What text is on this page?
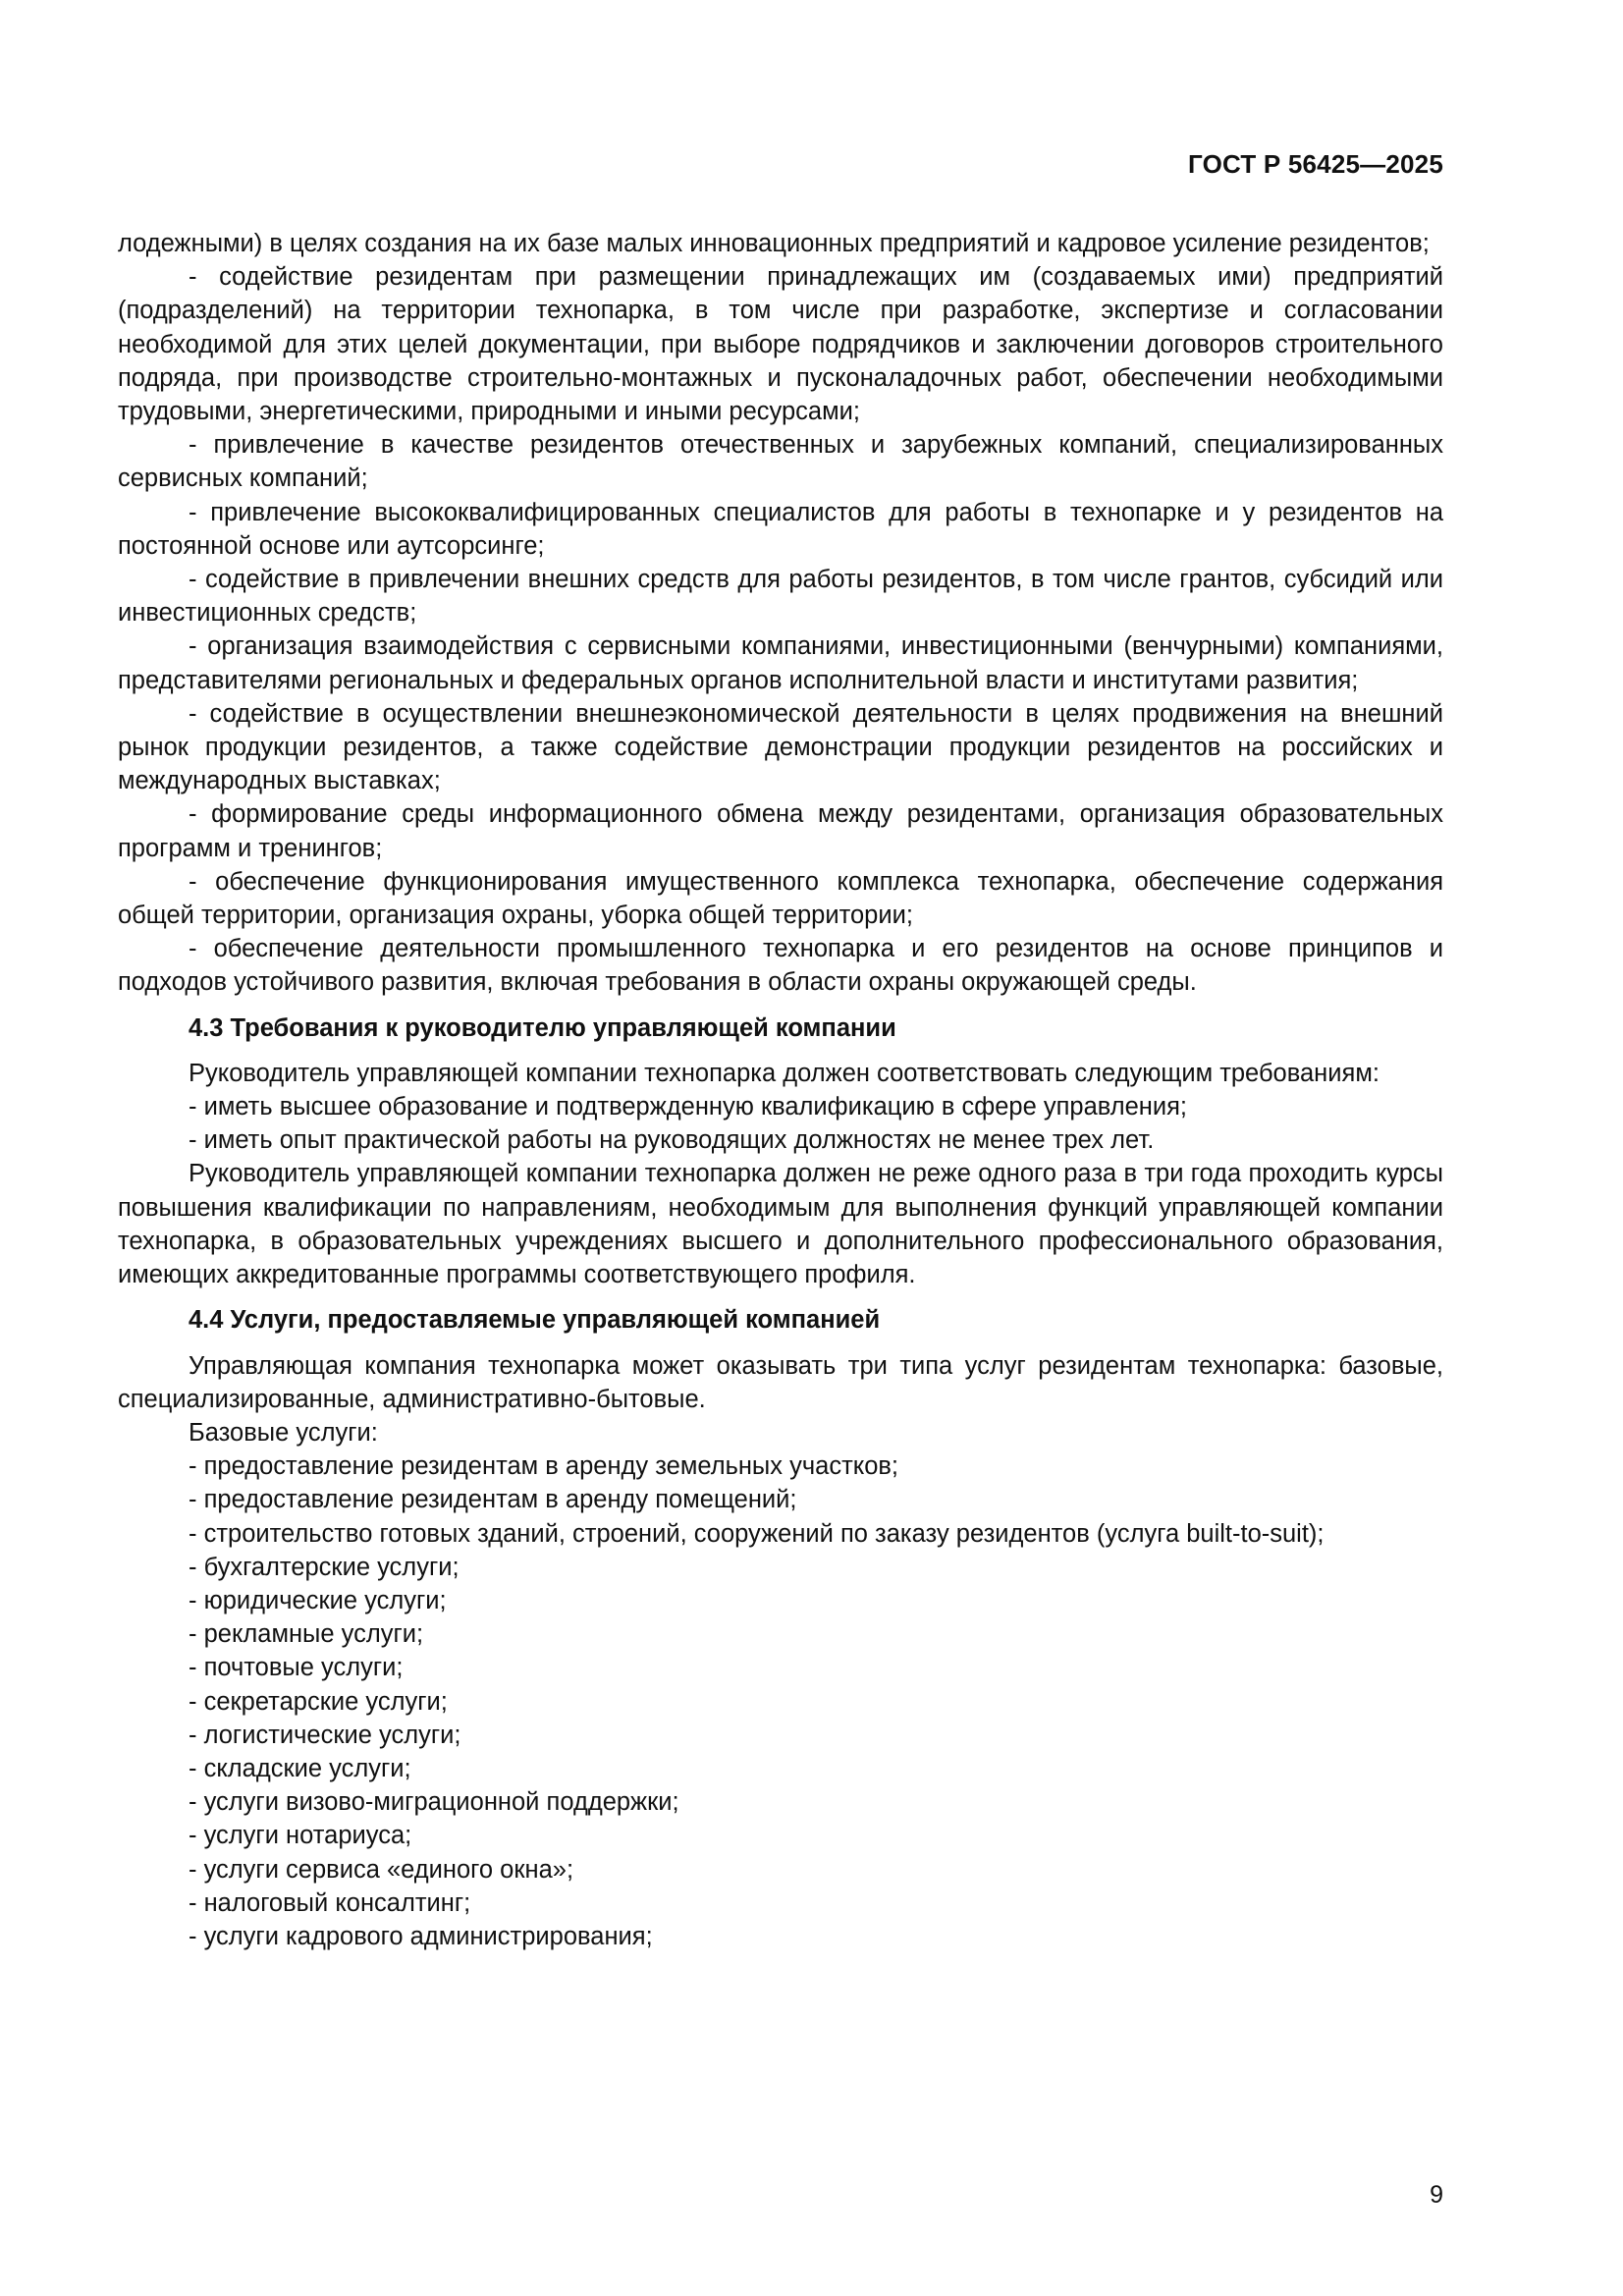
ГОСТ Р 56425—2025

лодежными) в целях создания на их базе малых инновационных предприятий и кадровое усиление резидентов;

- содействие резидентам при размещении принадлежащих им (создаваемых ими) предприятий (подразделений) на территории технопарка, в том числе при разработке, экспертизе и согласовании необходимой для этих целей документации, при выборе подрядчиков и заключении договоров строительного подряда, при производстве строительно-монтажных и пусконаладочных работ, обеспечении необходимыми трудовыми, энергетическими, природными и иными ресурсами;

- привлечение в качестве резидентов отечественных и зарубежных компаний, специализированных сервисных компаний;

- привлечение высококвалифицированных специалистов для работы в технопарке и у резидентов на постоянной основе или аутсорсинге;

- содействие в привлечении внешних средств для работы резидентов, в том числе грантов, субсидий или инвестиционных средств;

- организация взаимодействия с сервисными компаниями, инвестиционными (венчурными) компаниями, представителями региональных и федеральных органов исполнительной власти и институтами развития;

- содействие в осуществлении внешнеэкономической деятельности в целях продвижения на внешний рынок продукции резидентов, а также содействие демонстрации продукции резидентов на российских и международных выставках;

- формирование среды информационного обмена между резидентами, организация образовательных программ и тренингов;

- обеспечение функционирования имущественного комплекса технопарка, обеспечение содержания общей территории, организация охраны, уборка общей территории;

- обеспечение деятельности промышленного технопарка и его резидентов на основе принципов и подходов устойчивого развития, включая требования в области охраны окружающей среды.

4.3 Требования к руководителю управляющей компании

Руководитель управляющей компании технопарка должен соответствовать следующим требованиям:

- иметь высшее образование и подтвержденную квалификацию в сфере управления;

- иметь опыт практической работы на руководящих должностях не менее трех лет.

Руководитель управляющей компании технопарка должен не реже одного раза в три года проходить курсы повышения квалификации по направлениям, необходимым для выполнения функций управляющей компании технопарка, в образовательных учреждениях высшего и дополнительного профессионального образования, имеющих аккредитованные программы соответствующего профиля.

4.4 Услуги, предоставляемые управляющей компанией

Управляющая компания технопарка может оказывать три типа услуг резидентам технопарка: базовые, специализированные, административно-бытовые.

Базовые услуги:

- предоставление резидентам в аренду земельных участков;

- предоставление резидентам в аренду помещений;

- строительство готовых зданий, строений, сооружений по заказу резидентов (услуга built-to-suit);

- бухгалтерские услуги;

- юридические услуги;

- рекламные услуги;

- почтовые услуги;

- секретарские услуги;

- логистические услуги;

- складские услуги;

- услуги визово-миграционной поддержки;

- услуги нотариуса;

- услуги сервиса «единого окна»;

- налоговый консалтинг;

- услуги кадрового администрирования;

9
